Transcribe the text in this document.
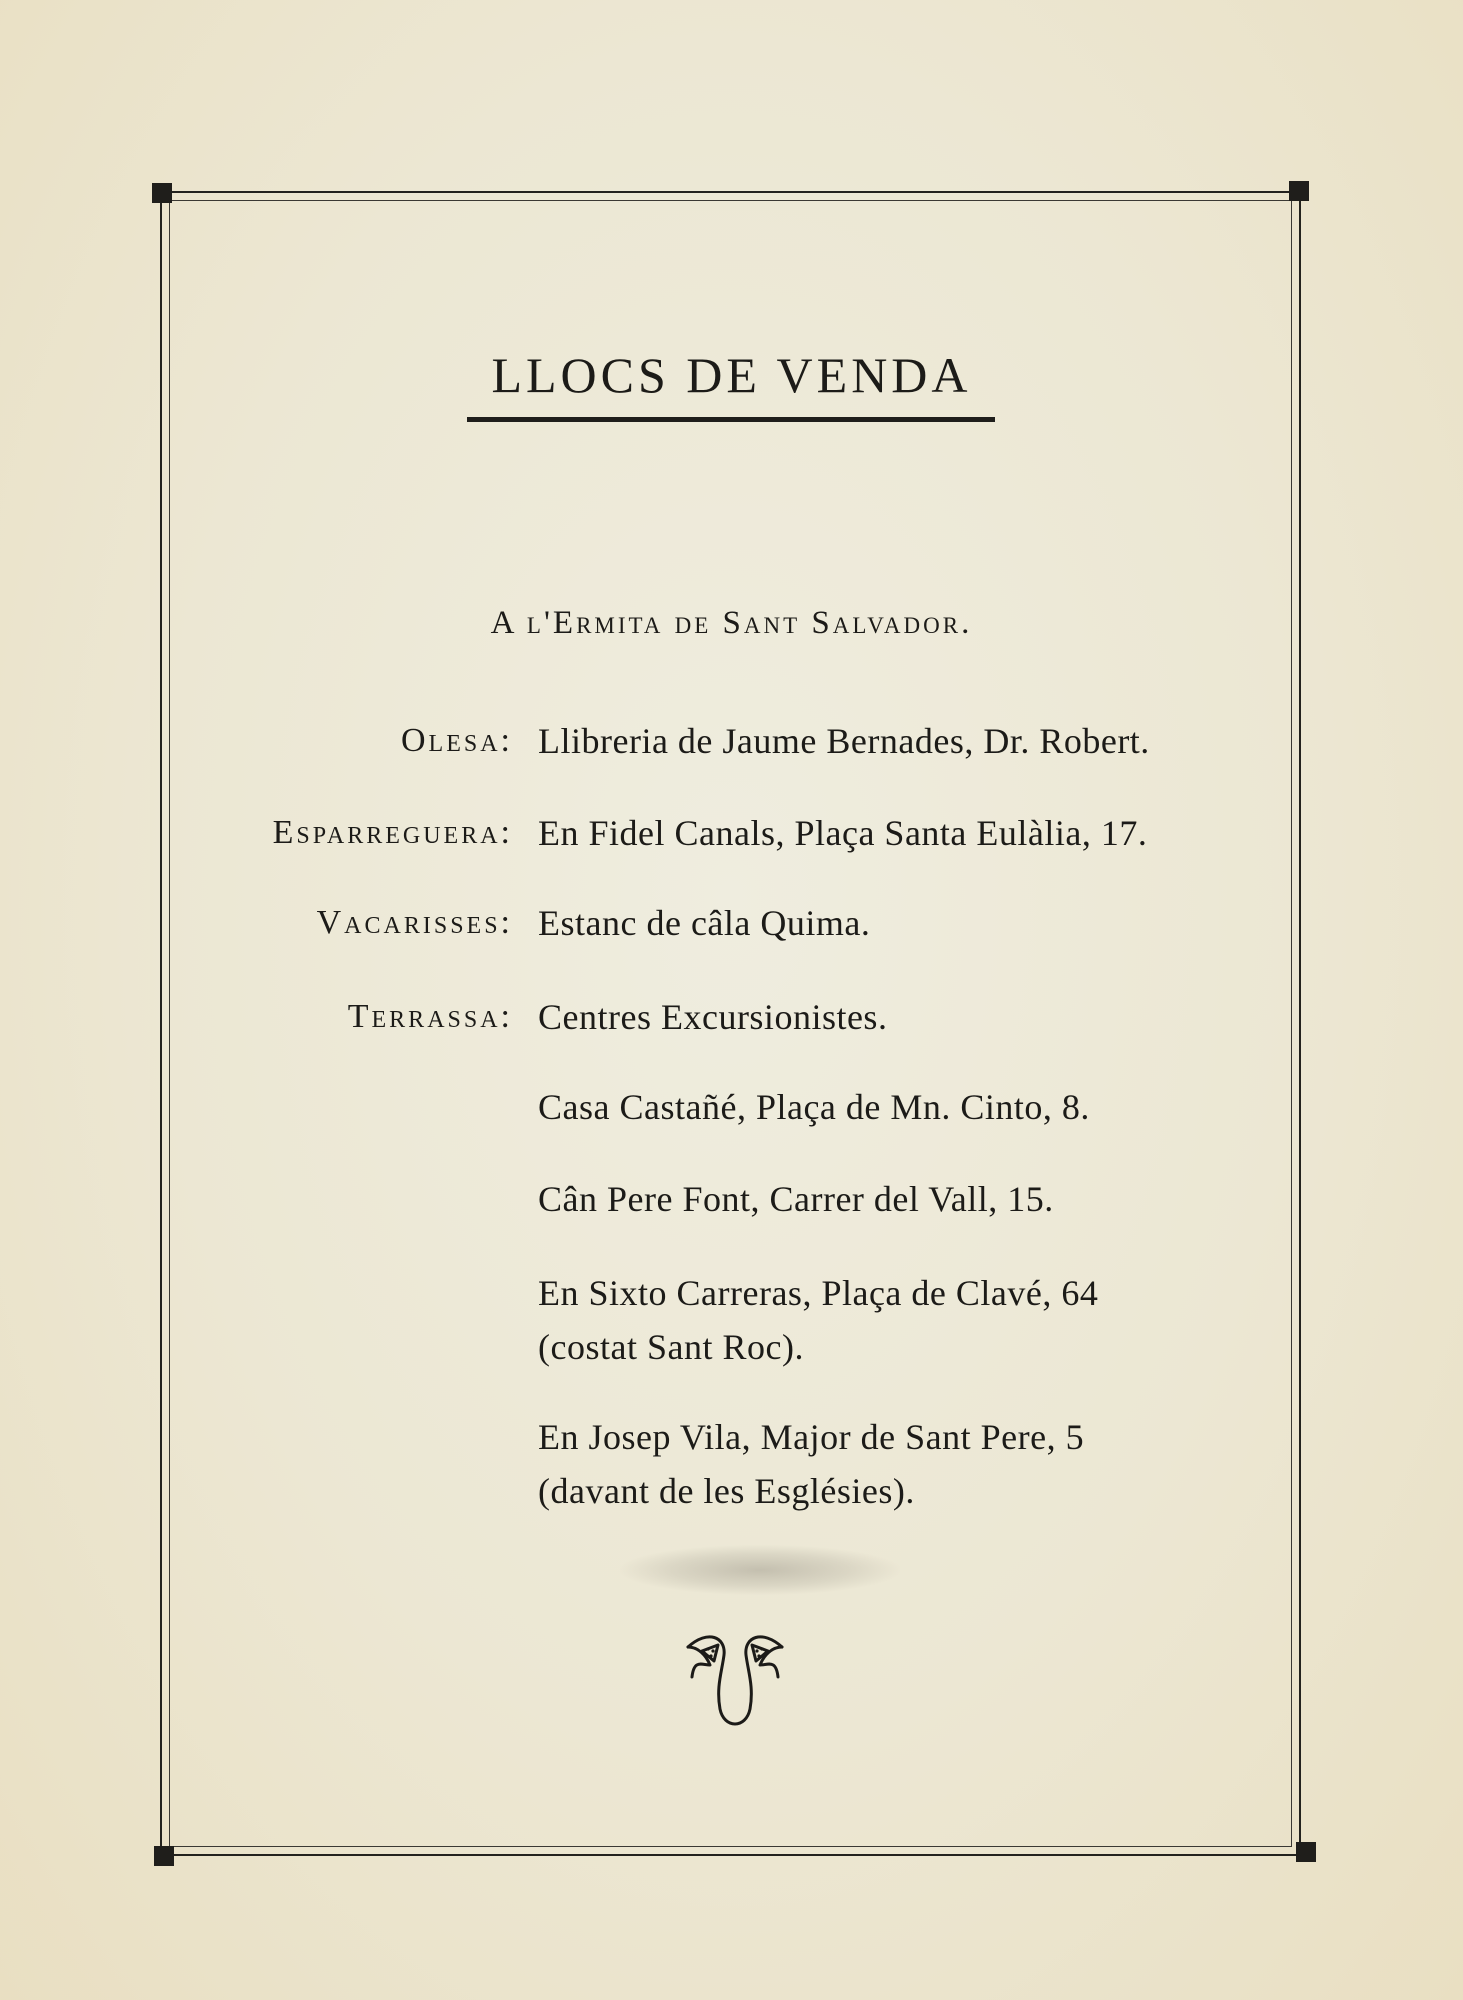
LLOCS DE VENDA
A l'Ermita de Sant Salvador.
Olesa: Llibreria de Jaume Bernades, Dr. Robert.
Esparreguera: En Fidel Canals, Plaça Santa Eulàlia, 17.
Vacarisses: Estanc de câla Quima.
Terrassa: Centres Excursionistes.
Casa Castañé, Plaça de Mn. Cinto, 8.
Cân Pere Font, Carrer del Vall, 15.
En Sixto Carreras, Plaça de Clavé, 64
(costat Sant Roc).
En Josep Vila, Major de Sant Pere, 5
(davant de les Esglésies).
